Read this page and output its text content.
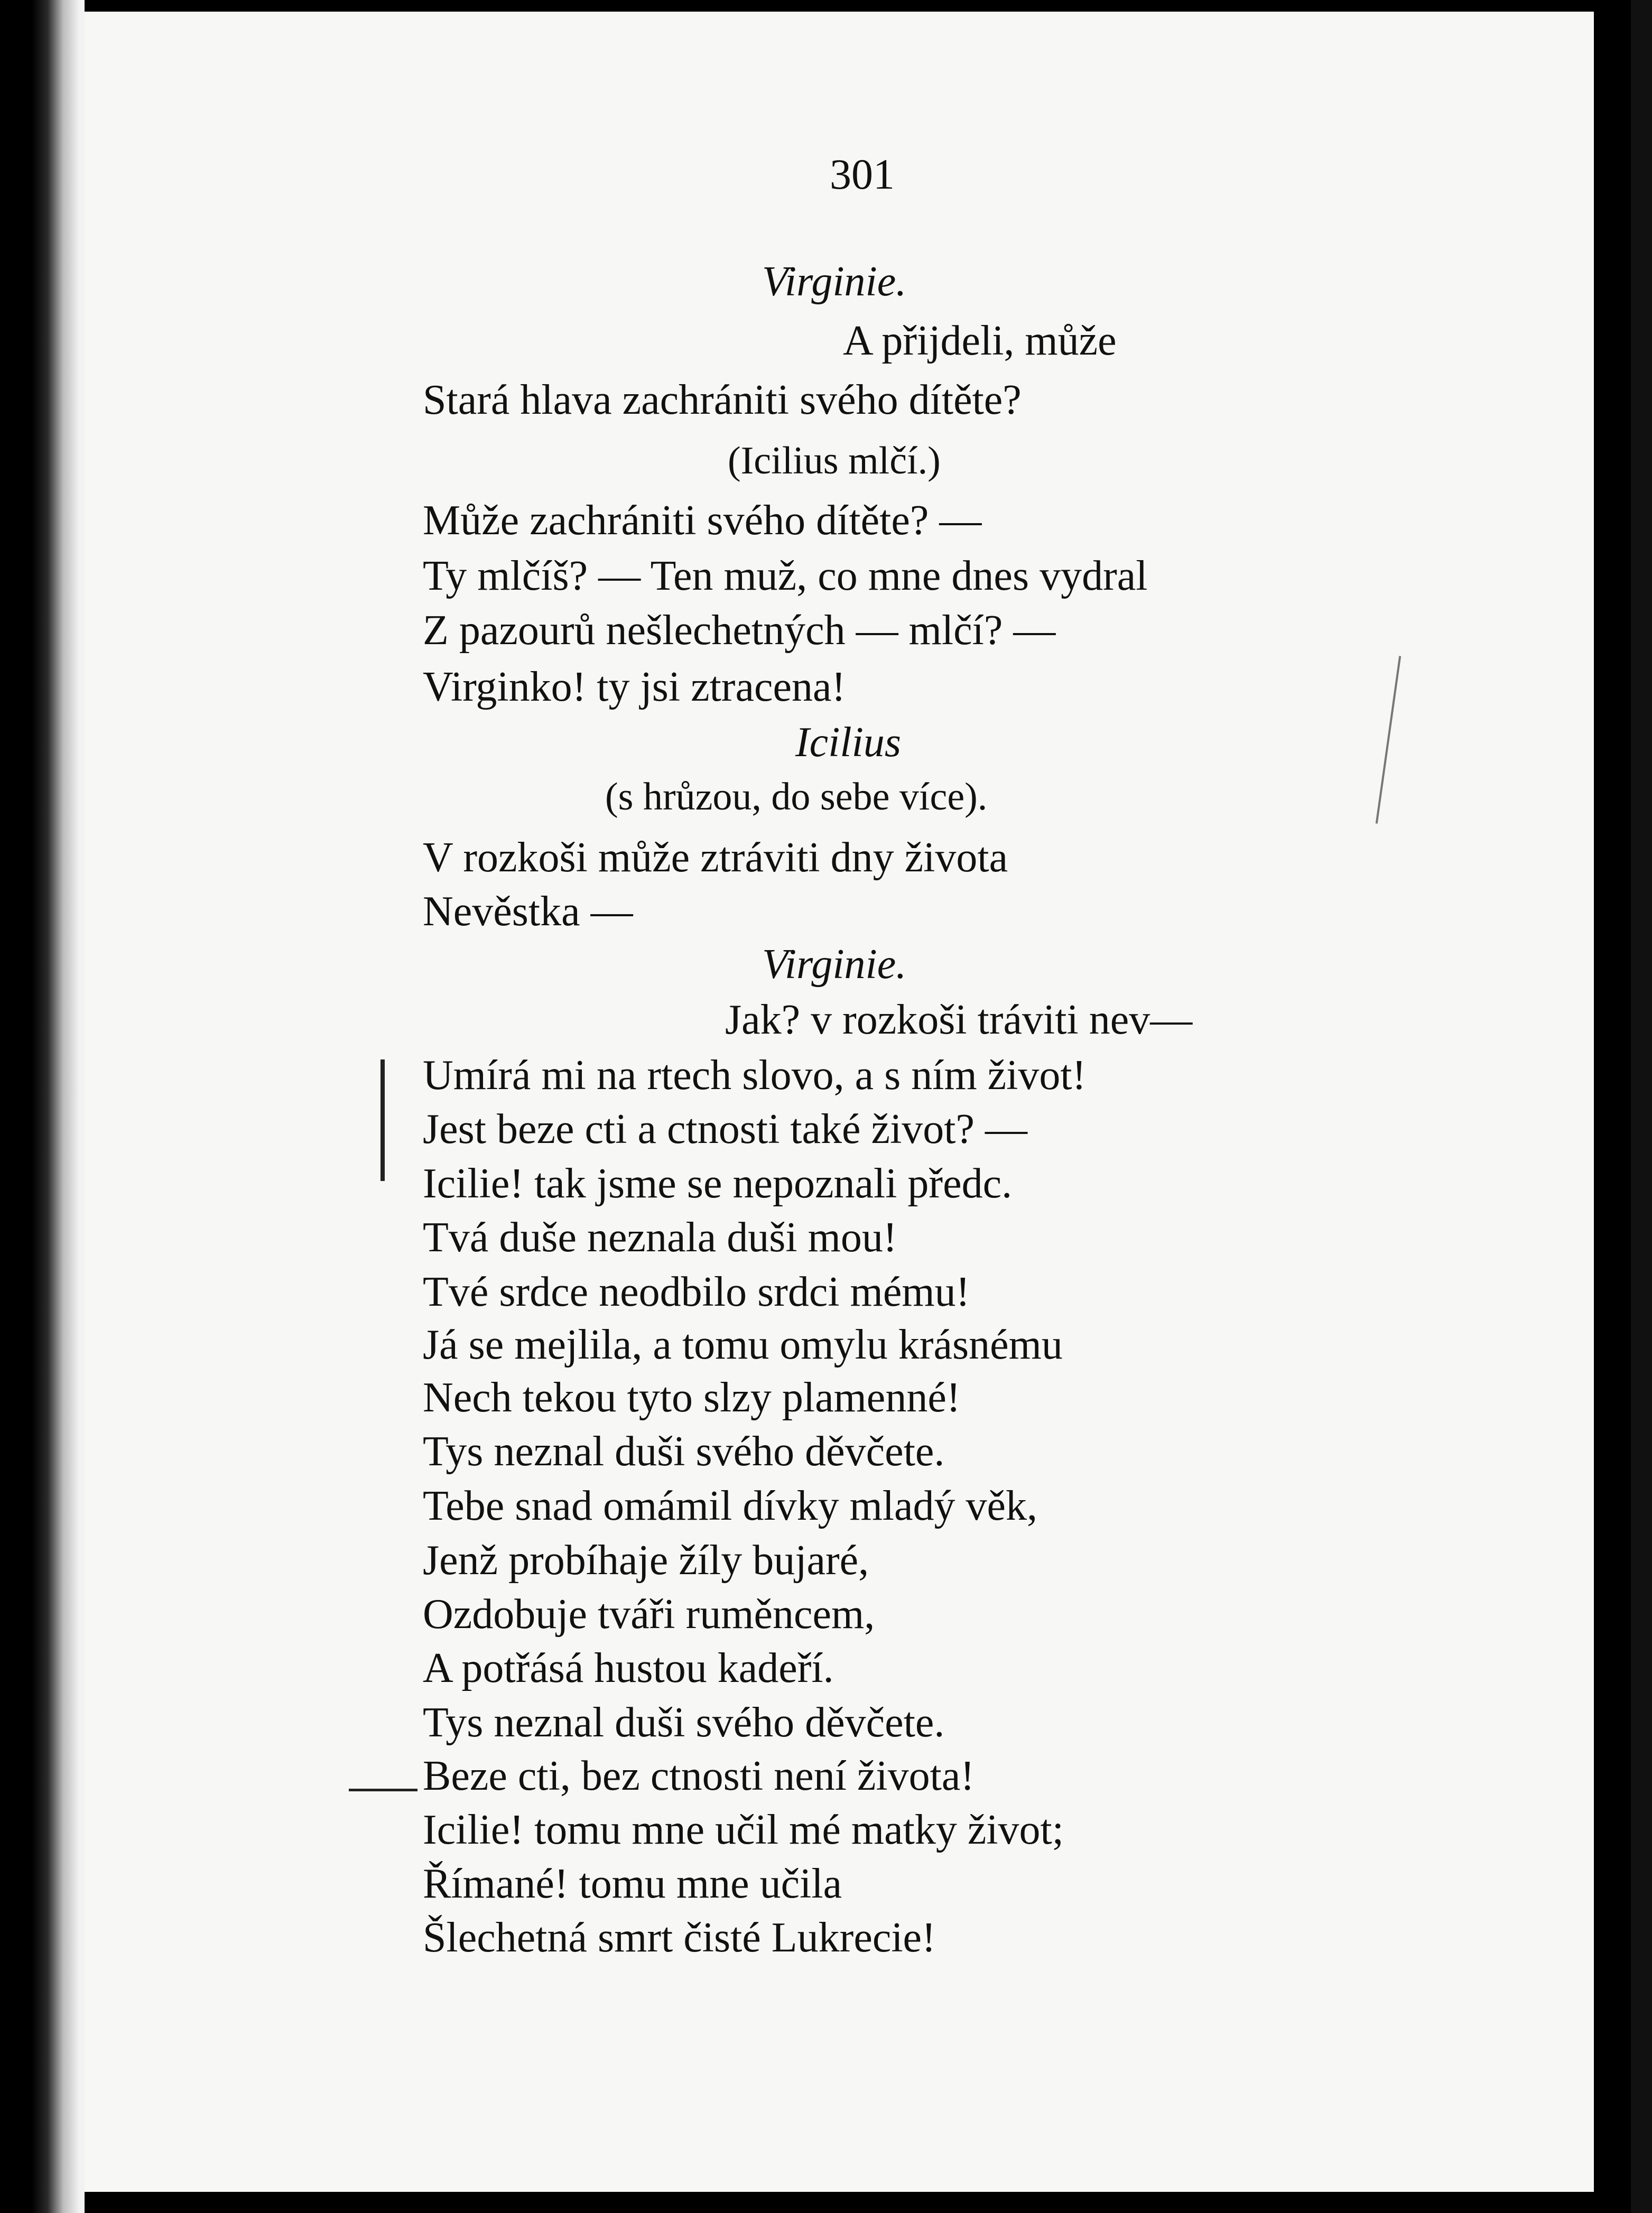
301
Virginie.
A přijdeli, může
Stará hlava zachrániti svého dítěte?
(Icilius mlčí.)
Může zachrániti svého dítěte? —
Ty mlčíš? — Ten muž, co mne dnes vydral
Z pazourů nešlechetných — mlčí? —
Virginko! ty jsi ztracena!
Icilius
(s hrůzou, do sebe více).
V rozkoši může ztráviti dny života
Nevěstka —
Virginie.
Jak? v rozkoši tráviti nev—
Umírá mi na rtech slovo, a s ním život!
Jest beze cti a ctnosti také život? —
Icilie! tak jsme se nepoznali předc.
Tvá duše neznala duši mou!
Tvé srdce neodbilo srdci mému!
Já se mejlila, a tomu omylu krásnému
Nech tekou tyto slzy plamenné!
Tys neznal duši svého děvčete.
Tebe snad omámil dívky mladý věk,
Jenž probíhaje žíly bujaré,
Ozdobuje tváři ruměncem,
A potřásá hustou kadeří.
Tys neznal duši svého děvčete.
Beze cti, bez ctnosti není života!
Icilie! tomu mne učil mé matky život;
Římané! tomu mne učila
Šlechetná smrt čisté Lukrecie!
